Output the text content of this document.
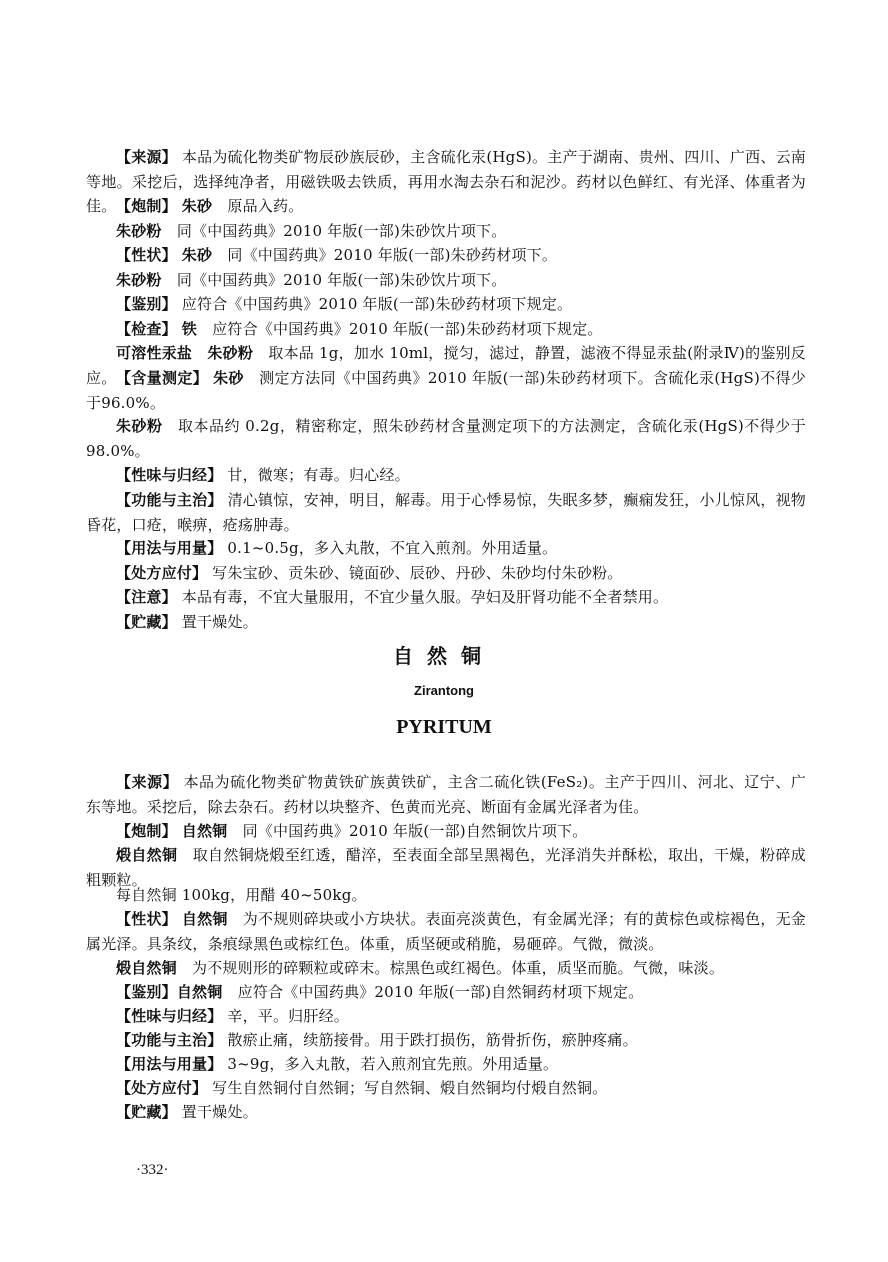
【来源】 本品为硫化物类矿物辰砂族辰砂，主含硫化汞(HgS)。主产于湖南、贵州、四川、广西、云南等地。采挖后，选择纯净者，用磁铁吸去铁质，再用水淘去杂石和泥沙。药材以色鲜红、有光泽、体重者为佳。 【炮制】 朱砂　 原品入药。

朱砂粉　 同《中国药典》2010 年版(一部)朱砂饮片项下。

【性状】 朱砂　 同《中国药典》2010 年版(一部)朱砂药材项下。

朱砂粉　 同《中国药典》2010 年版(一部)朱砂饮片项下。

【鉴别】 应符合《中国药典》2010 年版(一部)朱砂药材项下规定。

【检查】 铁　 应符合《中国药典》2010 年版(一部)朱砂药材项下规定。

可溶性汞盐　朱砂粉　 取本品 1g，加水 10ml，搅匀，滤过，静置，滤液不得显汞盐(附录Ⅳ)的鉴别反应。 【含量测定】 朱砂　 测定方法同《中国药典》2010 年版(一部)朱砂药材项下。含硫化汞(HgS)不得少于96.0%。

朱砂粉　 取本品约 0.2g，精密称定，照朱砂药材含量测定项下的方法测定，含硫化汞(HgS)不得少于98.0%。

【性味与归经】 甘，微寒；有毒。归心经。

【功能与主治】 清心镇惊，安神，明目，解毒。用于心悸易惊，失眠多梦，癫痫发狂，小儿惊风，视物昏花，口疮，喉痹，疮疡肿毒。

【用法与用量】 0.1~0.5g，多入丸散，不宜入煎剂。外用适量。

【处方应付】 写朱宝砂、贡朱砂、镜面砂、辰砂、丹砂、朱砂均付朱砂粉。

【注意】 本品有毒，不宜大量服用，不宜少量久服。孕妇及肝肾功能不全者禁用。

【贮藏】 置干燥处。

自然铜
Zirantong
PYRITUM

【来源】 本品为硫化物类矿物黄铁矿族黄铁矿，主含二硫化铁(FeS₂)。主产于四川、河北、辽宁、广东等地。采挖后，除去杂石。药材以块整齐、色黄而光亮、断面有金属光泽者为佳。

【炮制】 自然铜　 同《中国药典》2010 年版(一部)自然铜饮片项下。

煅自然铜　 取自然铜烧煅至红透，醋淬，至表面全部呈黑褐色，光泽消失并酥松，取出，干燥，粉碎成粗颗粒。

每自然铜 100kg，用醋 40~50kg。

【性状】 自然铜　 为不规则碎块或小方块状。表面亮淡黄色，有金属光泽；有的黄棕色或棕褐色，无金属光泽。具条纹，条痕绿黑色或棕红色。体重，质坚硬或稍脆，易砸碎。气微，微淡。

煅自然铜　 为不规则形的碎颗粒或碎末。棕黑色或红褐色。体重，质坚而脆。气微，味淡。

【鉴别】自然铜　 应符合《中国药典》2010 年版(一部)自然铜药材项下规定。

【性味与归经】 辛，平。归肝经。

【功能与主治】 散瘀止痛，续筋接骨。用于跌打损伤，筋骨折伤，瘀肿疼痛。

【用法与用量】 3~9g，多入丸散，若入煎剂宜先煎。外用适量。

【处方应付】 写生自然铜付自然铜；写自然铜、煅自然铜均付煅自然铜。

【贮藏】 置干燥处。

·332·
